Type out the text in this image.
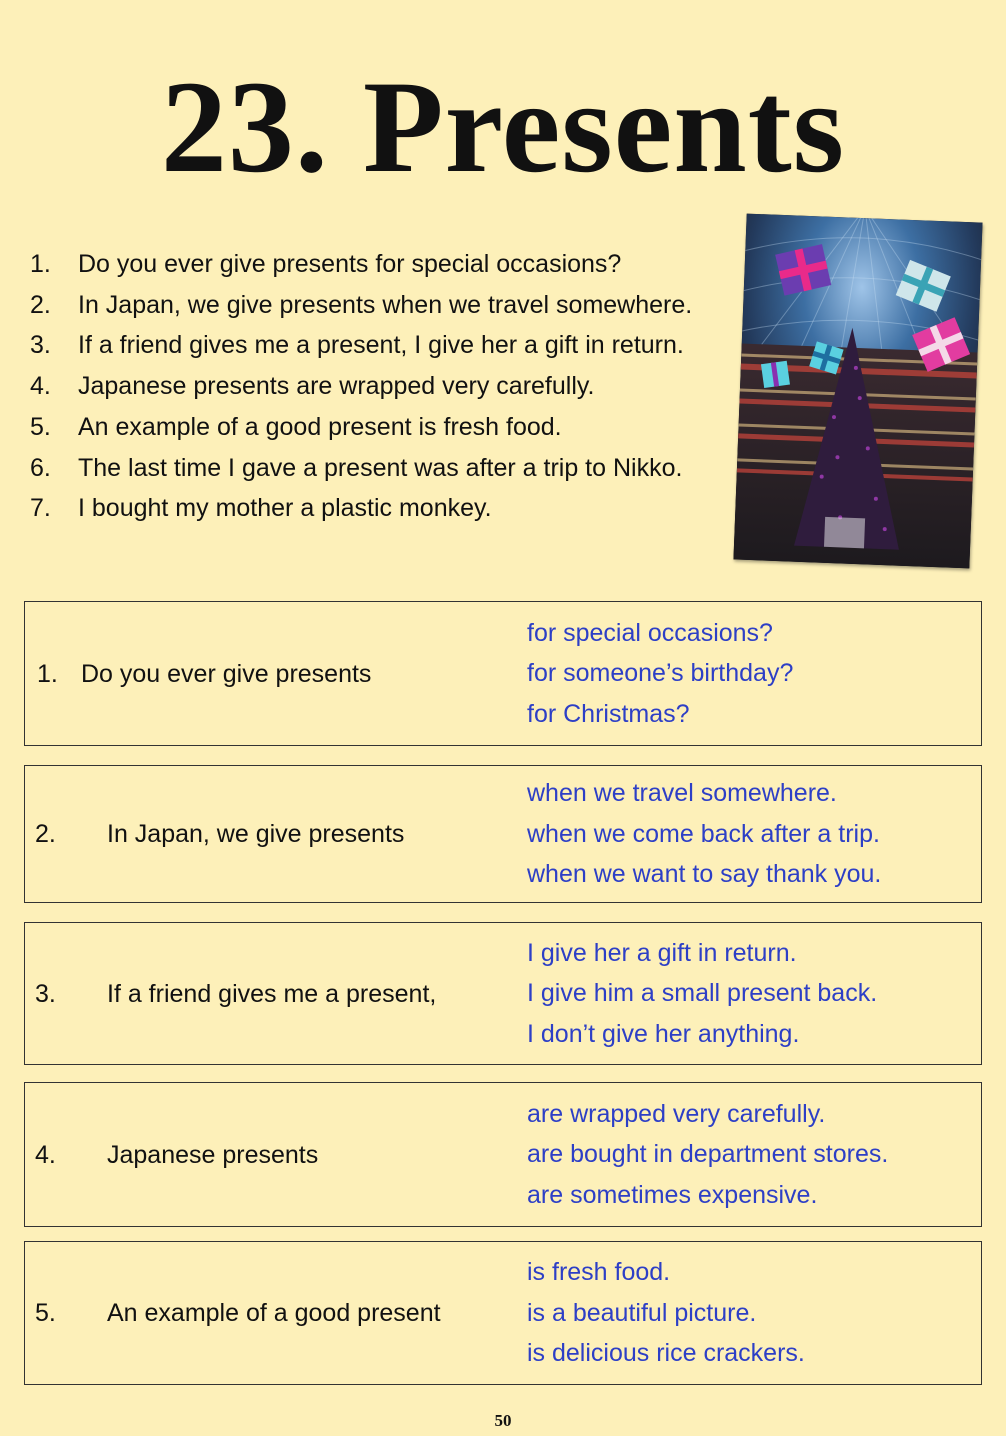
23. Presents
1.	Do you ever give presents for special occasions?
2.	In Japan, we give presents when we travel somewhere.
3.	If a friend gives me a present, I give her a gift in return.
4.	Japanese presents are wrapped very carefully.
5.	An example of a good present is fresh food.
6.	The last time I gave a present was after a trip to Nikko.
7.	I bought my mother a plastic monkey.
1. Do you ever give presents
for special occasions?
for someone’s birthday?
for Christmas?
2. In Japan, we give presents
when we travel somewhere.
when we come back after a trip.
when we want to say thank you.
3. If a friend gives me a present,
I give her a gift in return.
I give him a small present back.
I don’t give her anything.
4. Japanese presents
are wrapped very carefully.
are bought in department stores.
are sometimes expensive.
5. An example of a good present
is fresh food.
is a beautiful picture.
is delicious rice crackers.
50
